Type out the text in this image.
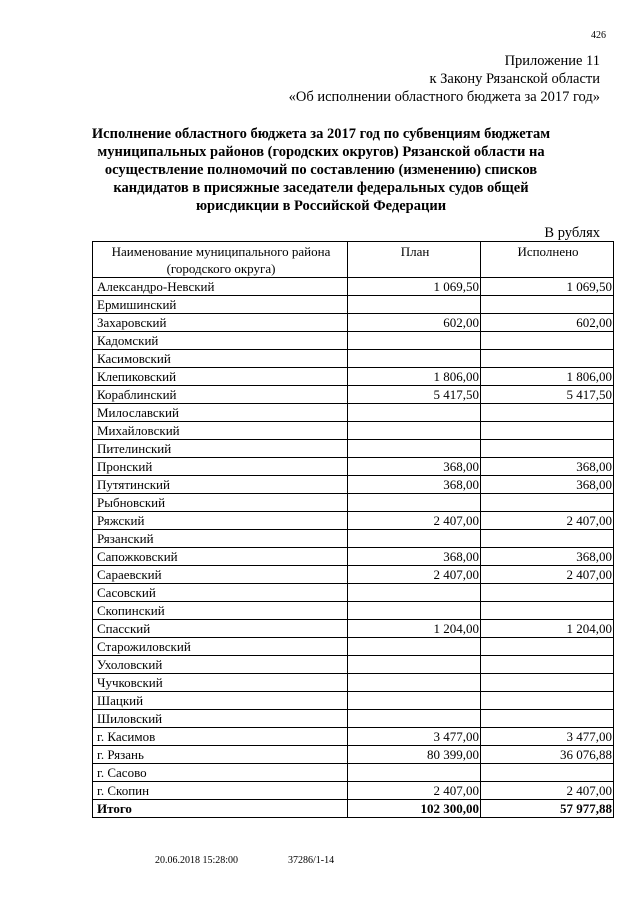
426
Приложение 11
к Закону Рязанской области
«Об исполнении областного бюджета за 2017 год»
Исполнение областного бюджета за 2017 год по субвенциям бюджетам
муниципальных районов (городских округов) Рязанской области на
осуществление полномочий по составлению (изменению) списков
кандидатов в присяжные заседатели федеральных судов общей
юрисдикции в Российской Федерации
В рублях
Наименование муниципального района
(городского округа)	План	Исполнено
Александро-Невский	1 069,50	1 069,50
Ермишинский		
Захаровский	602,00	602,00
Кадомский		
Касимовский		
Клепиковский	1 806,00	1 806,00
Кораблинский	5 417,50	5 417,50
Милославский		
Михайловский		
Пителинский		
Пронский	368,00	368,00
Путятинский	368,00	368,00
Рыбновский		
Ряжский	2 407,00	2 407,00
Рязанский		
Сапожковский	368,00	368,00
Сараевский	2 407,00	2 407,00
Сасовский		
Скопинский		
Спасский	1 204,00	1 204,00
Старожиловский		
Ухоловский		
Чучковский		
Шацкий		
Шиловский		
г. Касимов	3 477,00	3 477,00
г. Рязань	80 399,00	36 076,88
г. Сасово		
г. Скопин	2 407,00	2 407,00
Итого	102 300,00	57 977,88
20.06.2018 15:28:00	37286/1-14
